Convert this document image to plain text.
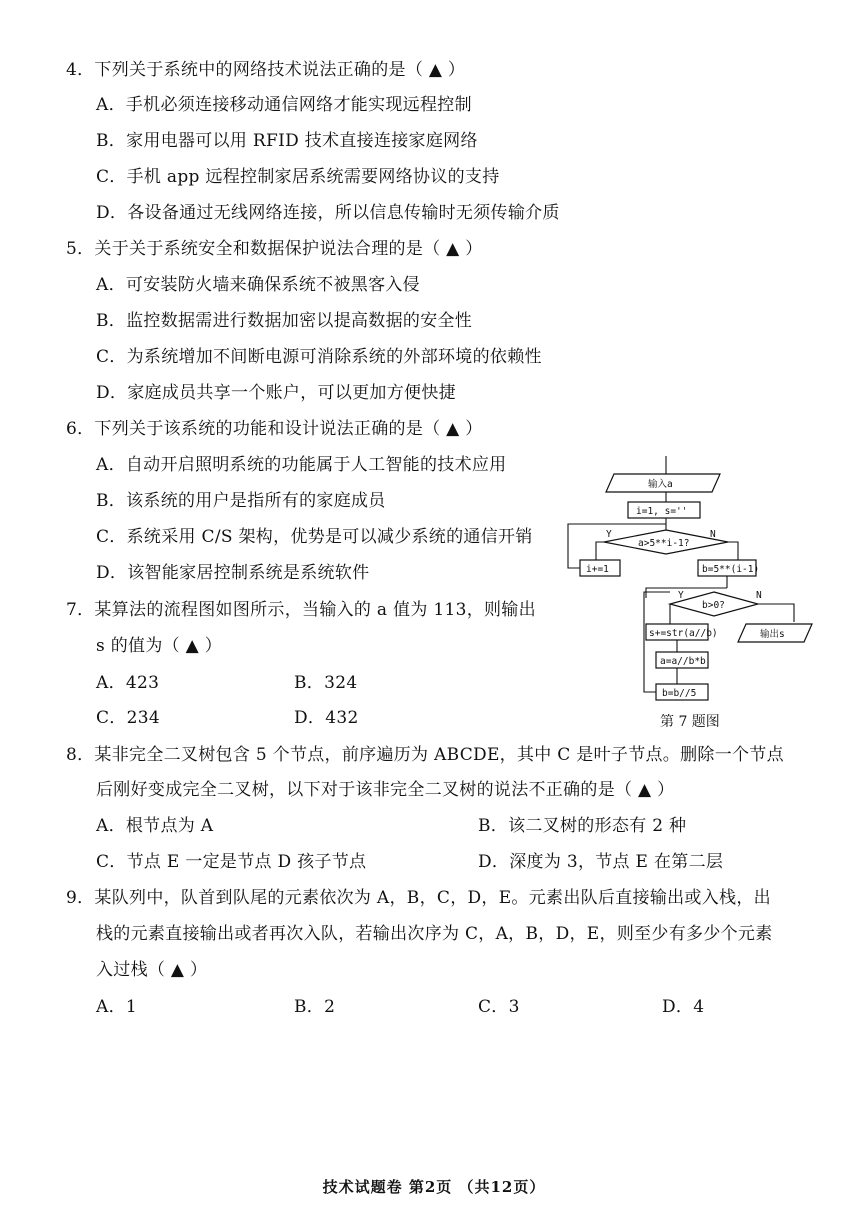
4．下列关于系统中的网络技术说法正确的是（ ▲ ）
A．手机必须连接移动通信网络才能实现远程控制
B．家用电器可以用 RFID 技术直接连接家庭网络
C．手机 app 远程控制家居系统需要网络协议的支持
D．各设备通过无线网络连接，所以信息传输时无须传输介质
5．关于关于系统安全和数据保护说法合理的是（ ▲ ）
A．可安装防火墙来确保系统不被黑客入侵
B．监控数据需进行数据加密以提高数据的安全性
C．为系统增加不间断电源可消除系统的外部环境的依赖性
D．家庭成员共享一个账户，可以更加方便快捷
6．下列关于该系统的功能和设计说法正确的是（ ▲ ）
A．自动开启照明系统的功能属于人工智能的技术应用
B．该系统的用户是指所有的家庭成员
C．系统采用 C/S 架构，优势是可以减少系统的通信开销
D．该智能家居控制系统是系统软件
7．某算法的流程图如图所示，当输入的 a 值为 113，则输出
s 的值为（ ▲ ）
A．423	B．324
C．234	D．432
输入a
i=1, s=''
a>5**i-1?
Y	N
i+=1	b=5**(i-1)
b>0?
Y	N
输出s
s+=str(a//b)
a=a//b*b
b=b//5
第 7 题图
8．某非完全二叉树包含 5 个节点，前序遍历为 ABCDE，其中 C 是叶子节点。删除一个节点
后刚好变成完全二叉树，以下对于该非完全二叉树的说法不正确的是（ ▲ ）
A．根节点为 A	B．该二叉树的形态有 2 种
C．节点 E 一定是节点 D 孩子节点	D．深度为 3，节点 E 在第二层
9．某队列中，队首到队尾的元素依次为 A，B，C，D，E。元素出队后直接输出或入栈，出
栈的元素直接输出或者再次入队，若输出次序为 C，A，B，D，E，则至少有多少个元素
入过栈（ ▲ ）
A．1	B．2	C．3	D．4
技术试题卷 第2页 （共12页）
